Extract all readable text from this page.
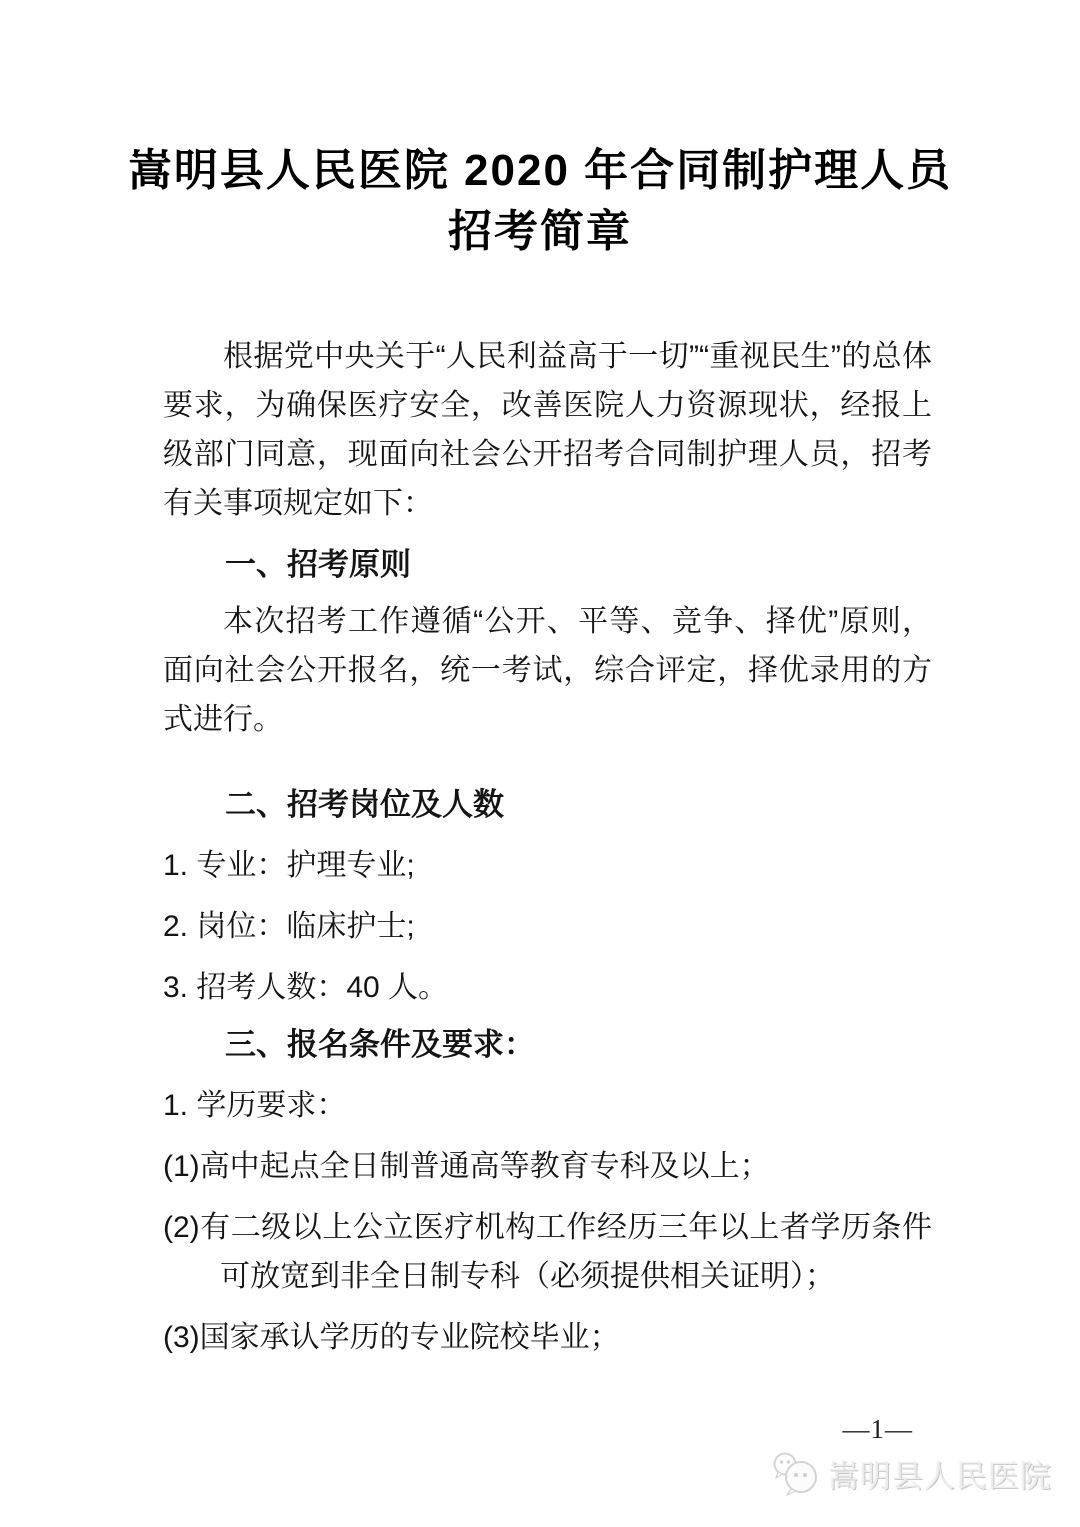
嵩明县人民医院 2020 年合同制护理人员
招考简章

根据党中央关于“人民利益高于一切”“重视民生”的总体要求，为确保医疗安全，改善医院人力资源现状，经报上级部门同意，现面向社会公开招考合同制护理人员，招考有关事项规定如下：

一、招考原则

本次招考工作遵循“公开、平等、竞争、择优”原则，面向社会公开报名，统一考试，综合评定，择优录用的方式进行。

二、招考岗位及人数

1. 专业：护理专业;

2. 岗位：临床护士;

3. 招考人数：40 人。

三、报名条件及要求：

1. 学历要求：

(1)高中起点全日制普通高等教育专科及以上；

(2)有二级以上公立医疗机构工作经历三年以上者学历条件可放宽到非全日制专科（必须提供相关证明）；

(3)国家承认学历的专业院校毕业；

—1—
嵩明县人民医院
